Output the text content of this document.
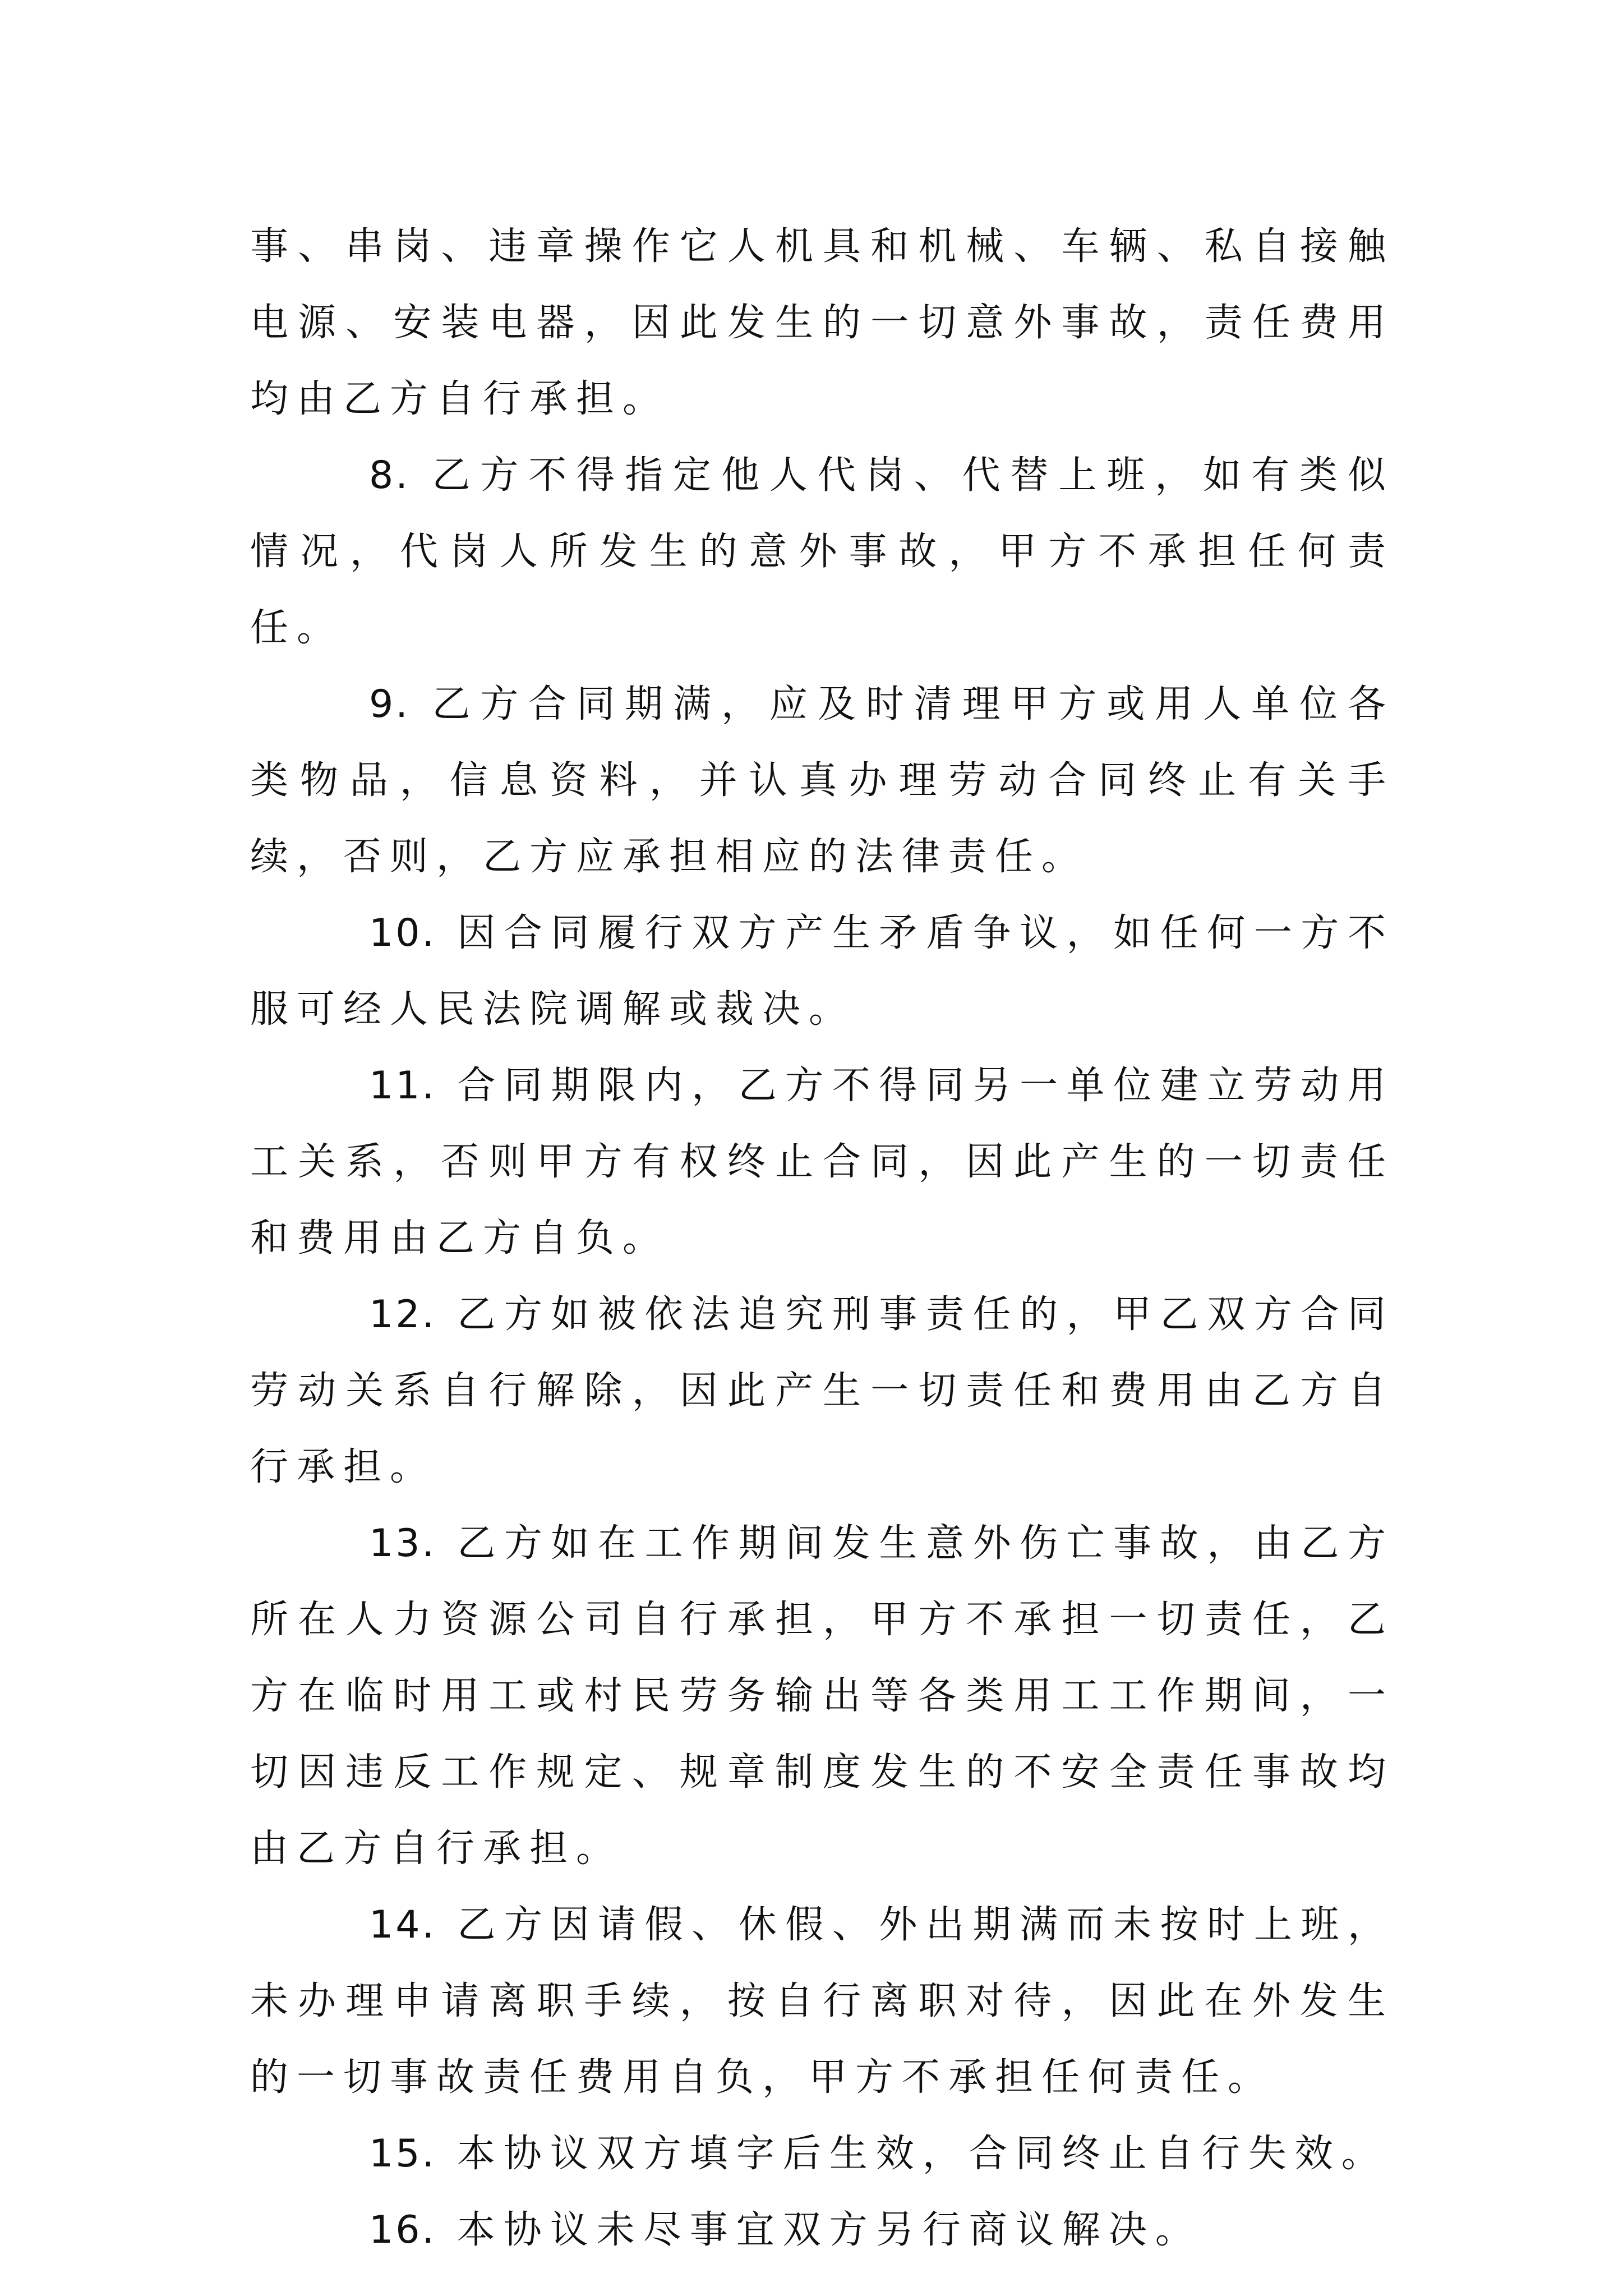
事、串岗、违章操作它人机具和机械、车辆、私自接触电源、安装电器，因此发生的一切意外事故，责任费用均由乙方自行承担。

8. 乙方不得指定他人代岗、代替上班，如有类似情况，代岗人所发生的意外事故，甲方不承担任何责任。

9. 乙方合同期满，应及时清理甲方或用人单位各类物品，信息资料，并认真办理劳动合同终止有关手续，否则，乙方应承担相应的法律责任。

10. 因合同履行双方产生矛盾争议，如任何一方不服可经人民法院调解或裁决。

11. 合同期限内，乙方不得同另一单位建立劳动用工关系，否则甲方有权终止合同，因此产生的一切责任和费用由乙方自负。

12. 乙方如被依法追究刑事责任的，甲乙双方合同劳动关系自行解除，因此产生一切责任和费用由乙方自行承担。

13. 乙方如在工作期间发生意外伤亡事故，由乙方所在人力资源公司自行承担，甲方不承担一切责任，乙方在临时用工或村民劳务输出等各类用工工作期间，一切因违反工作规定、规章制度发生的不安全责任事故均由乙方自行承担。

14. 乙方因请假、休假、外出期满而未按时上班，未办理申请离职手续，按自行离职对待，因此在外发生的一切事故责任费用自负，甲方不承担任何责任。

15. 本协议双方填字后生效，合同终止自行失效。

16. 本协议未尽事宜双方另行商议解决。
